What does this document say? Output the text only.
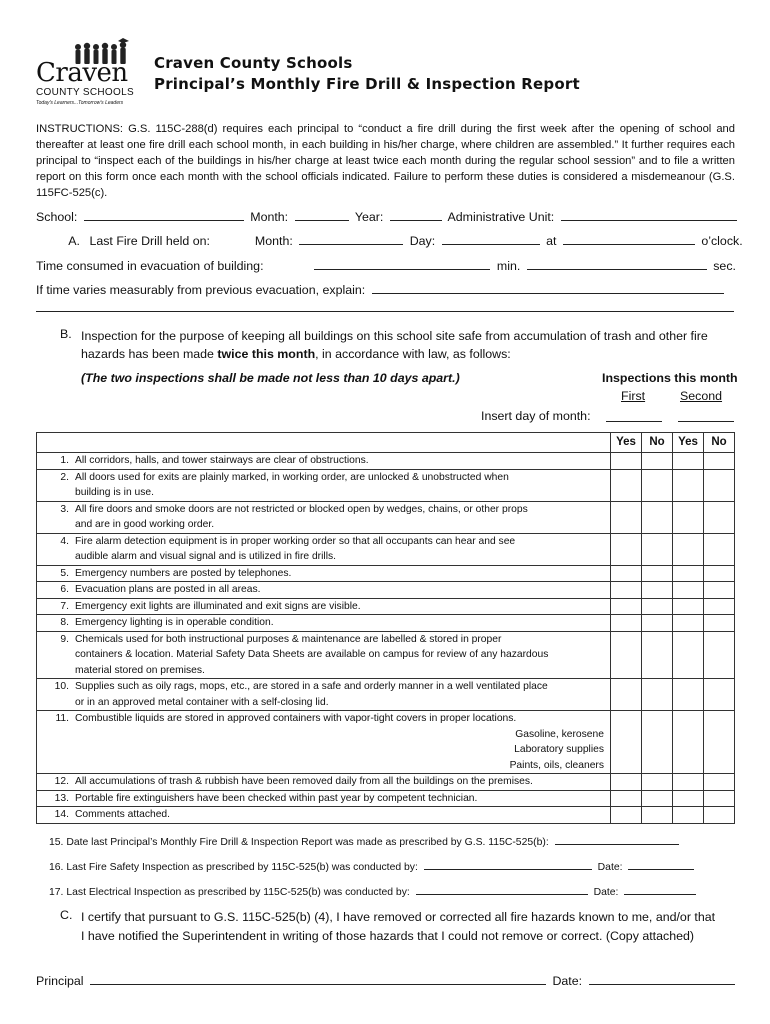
Craven
COUNTY SCHOOLS
Today's Learners...Tomorrow's Leaders
Craven County Schools
Principal’s Monthly Fire Drill & Inspection Report
INSTRUCTIONS: G.S. 115C-288(d) requires each principal to “conduct a fire drill during the first week after the opening of school and thereafter at least one fire drill each school month, in each building in his/her charge, where children are assembled.” It further requires each principal to “inspect each of the buildings in his/her charge at least twice each month during the regular school session” and to file a written report on this form once each month with the school officials indicated. Failure to perform these duties is considered a misdemeanour (G.S. 115FC-525(c).
School:	Month:	Year:	Administrative Unit:
A. Last Fire Drill held on:	Month:	Day:	at	o’clock.
Time consumed in evacuation of building:	min.	sec.
If time varies measurably from previous evacuation, explain:
B. Inspection for the purpose of keeping all buildings on this school site safe from accumulation of trash and other fire hazards has been made twice this month, in accordance with law, as follows:
(The two inspections shall be made not less than 10 days apart.)	Inspections this month
First	Second
Insert day of month:
		Yes	No	Yes	No
1.	All corridors, halls, and tower stairways are clear of obstructions.				

2.	All doors used for exits are plainly marked, in working order, are unlocked & unobstructed when
building is in use.				

3.	All fire doors and smoke doors are not restricted or blocked open by wedges, chains, or other props
and are in good working order.				

4.	Fire alarm detection equipment is in proper working order so that all occupants can hear and see
audible alarm and visual signal and is utilized in fire drills.				

5.	Emergency numbers are posted by telephones.				

6.	Evacuation plans are posted in all areas.				

7.	Emergency exit lights are illuminated and exit signs are visible.				

8.	Emergency lighting is in operable condition.				

9.	Chemicals used for both instructional purposes & maintenance are labelled & stored in proper
containers & location. Material Safety Data Sheets are available on campus for review of any hazardous
material stored on premises.				

10.	Supplies such as oily rags, mops, etc., are stored in a safe and orderly manner in a well ventilated place
or in an approved metal container with a self-closing lid.				

11.	Combustible liquids are stored in approved containers with vapor-tight covers in proper locations.
Gasoline, kerosene
Laboratory supplies
Paints, oils, cleaners				

12.	All accumulations of trash & rubbish have been removed daily from all the buildings on the premises.				

13.	Portable fire extinguishers have been checked within past year by competent technician.				

14.	Comments attached.				

15. Date last Principal’s Monthly Fire Drill & Inspection Report was made as prescribed by G.S. 115C-525(b):
16. Last Fire Safety Inspection as prescribed by 115C-525(b) was conducted by:	Date:
17. Last Electrical Inspection as prescribed by 115C-525(b) was conducted by:	Date:
C. I certify that pursuant to G.S. 115C-525(b) (4), I have removed or corrected all fire hazards known to me, and/or that I have notified the Superintendent in writing of those hazards that I could not remove or correct. (Copy attached)
Principal	Date:
